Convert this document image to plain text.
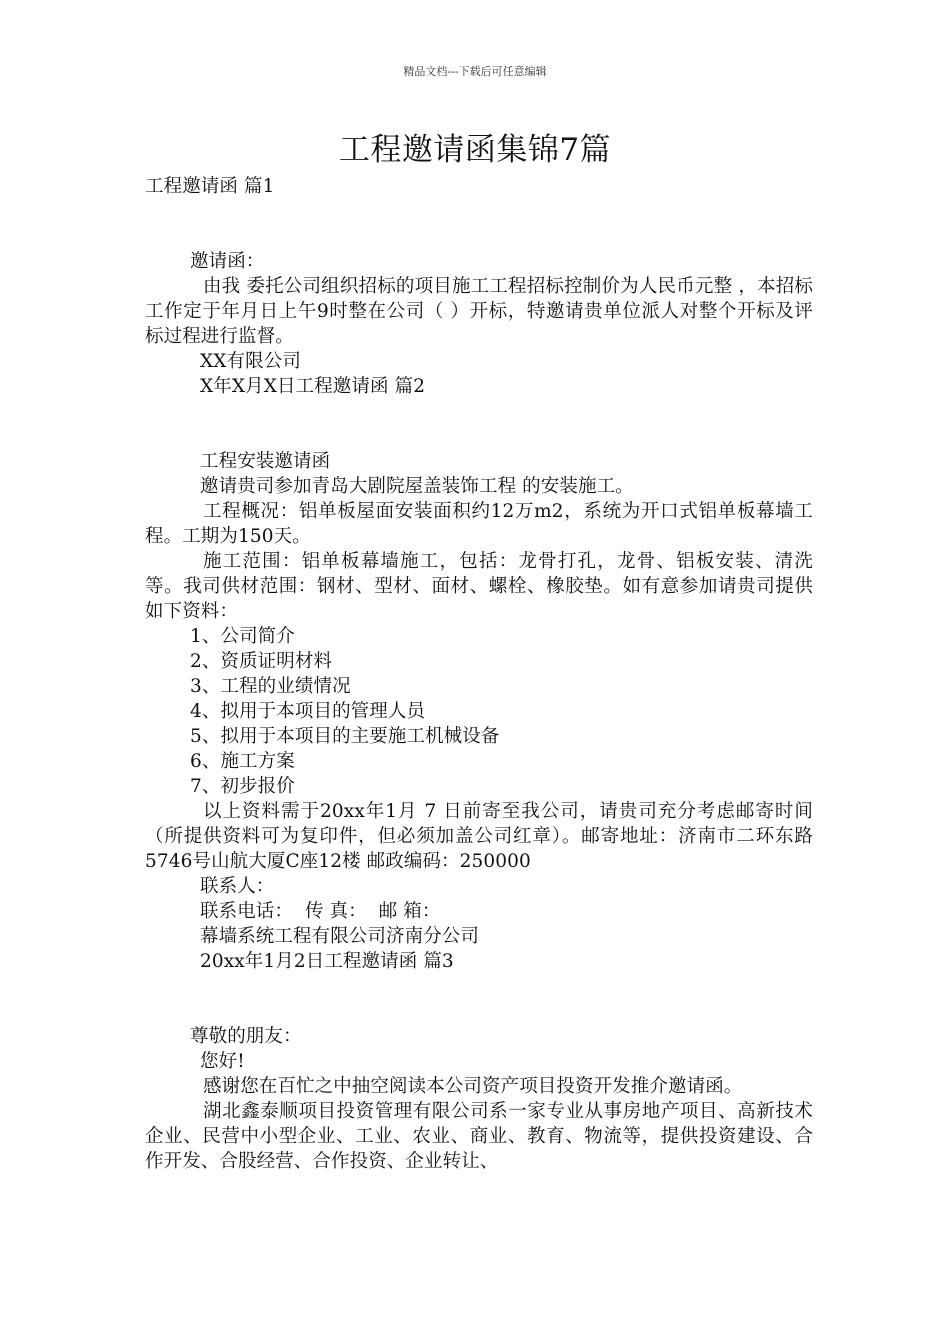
精品文档---下载后可任意编辑
工程邀请函集锦7篇
工程邀请函 篇1
邀请函：
由我 委托公司组织招标的项目施工工程招标控制价为人民币元整 ，本招标工作定于年月日上午9时整在公司（ ）开标，特邀请贵单位派人对整个开标及评标过程进行监督。
XX有限公司
X年X月X日工程邀请函 篇2
工程安装邀请函
邀请贵司参加青岛大剧院屋盖装饰工程 的安装施工。
工程概况：铝单板屋面安装面积约12万m2，系统为开口式铝单板幕墙工程。工期为150天。
施工范围：铝单板幕墙施工，包括：龙骨打孔，龙骨、铝板安装、清洗等。我司供材范围：钢材、型材、面材、螺栓、橡胶垫。如有意参加请贵司提供如下资料：
1、公司简介
2、资质证明材料
3、工程的业绩情况
4、拟用于本项目的管理人员
5、拟用于本项目的主要施工机械设备
6、施工方案
7、初步报价
以上资料需于20xx年1月 7 日前寄至我公司，请贵司充分考虑邮寄时间（所提供资料可为复印件，但必须加盖公司红章）。邮寄地址：济南市二环东路5746号山航大厦C座12楼 邮政编码：250000
联系人：
联系电话：  传 真：  邮 箱：
幕墙系统工程有限公司济南分公司
20xx年1月2日工程邀请函 篇3
尊敬的朋友：
您好!
感谢您在百忙之中抽空阅读本公司资产项目投资开发推介邀请函。
湖北鑫泰顺项目投资管理有限公司系一家专业从事房地产项目、高新技术企业、民营中小型企业、工业、农业、商业、教育、物流等，提供投资建设、合作开发、合股经营、合作投资、企业转让、
